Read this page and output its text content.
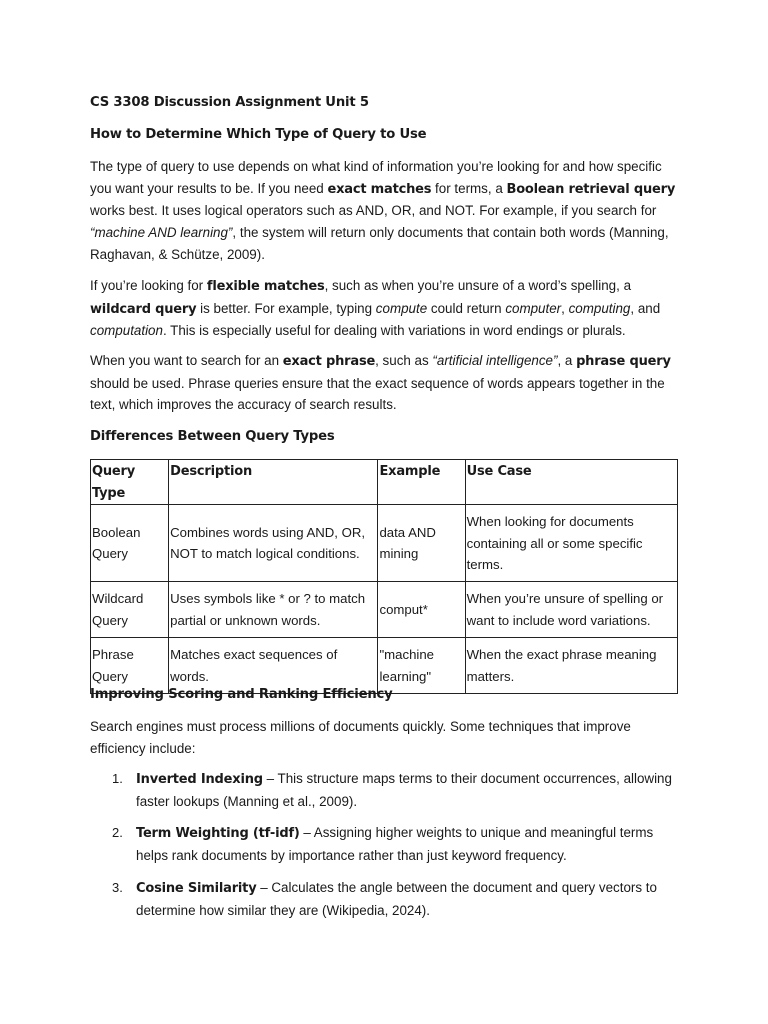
CS 3308 Discussion Assignment Unit 5

How to Determine Which Type of Query to Use

The type of query to use depends on what kind of information you’re looking for and how specific you want your results to be. If you need exact matches for terms, a Boolean retrieval query works best. It uses logical operators such as AND, OR, and NOT. For example, if you search for “machine AND learning”, the system will return only documents that contain both words (Manning, Raghavan, & Schütze, 2009).

If you’re looking for flexible matches, such as when you’re unsure of a word’s spelling, a wildcard query is better. For example, typing compute could return computer, computing, and computation. This is especially useful for dealing with variations in word endings or plurals.

When you want to search for an exact phrase, such as “artificial intelligence”, a phrase query should be used. Phrase queries ensure that the exact sequence of words appears together in the text, which improves the accuracy of search results.

Differences Between Query Types

Query Type	Description	Example	Use Case
Boolean Query	Combines words using AND, OR, NOT to match logical conditions.	data AND mining	When looking for documents containing all or some specific terms.
Wildcard Query	Uses symbols like * or ? to match partial or unknown words.	comput*	When you’re unsure of spelling or want to include word variations.
Phrase Query	Matches exact sequences of words.	"machine learning"	When the exact phrase meaning matters.

Improving Scoring and Ranking Efficiency

Search engines must process millions of documents quickly. Some techniques that improve efficiency include:

1. Inverted Indexing – This structure maps terms to their document occurrences, allowing faster lookups (Manning et al., 2009).
2. Term Weighting (tf-idf) – Assigning higher weights to unique and meaningful terms helps rank documents by importance rather than just keyword frequency.
3. Cosine Similarity – Calculates the angle between the document and query vectors to determine how similar they are (Wikipedia, 2024).
